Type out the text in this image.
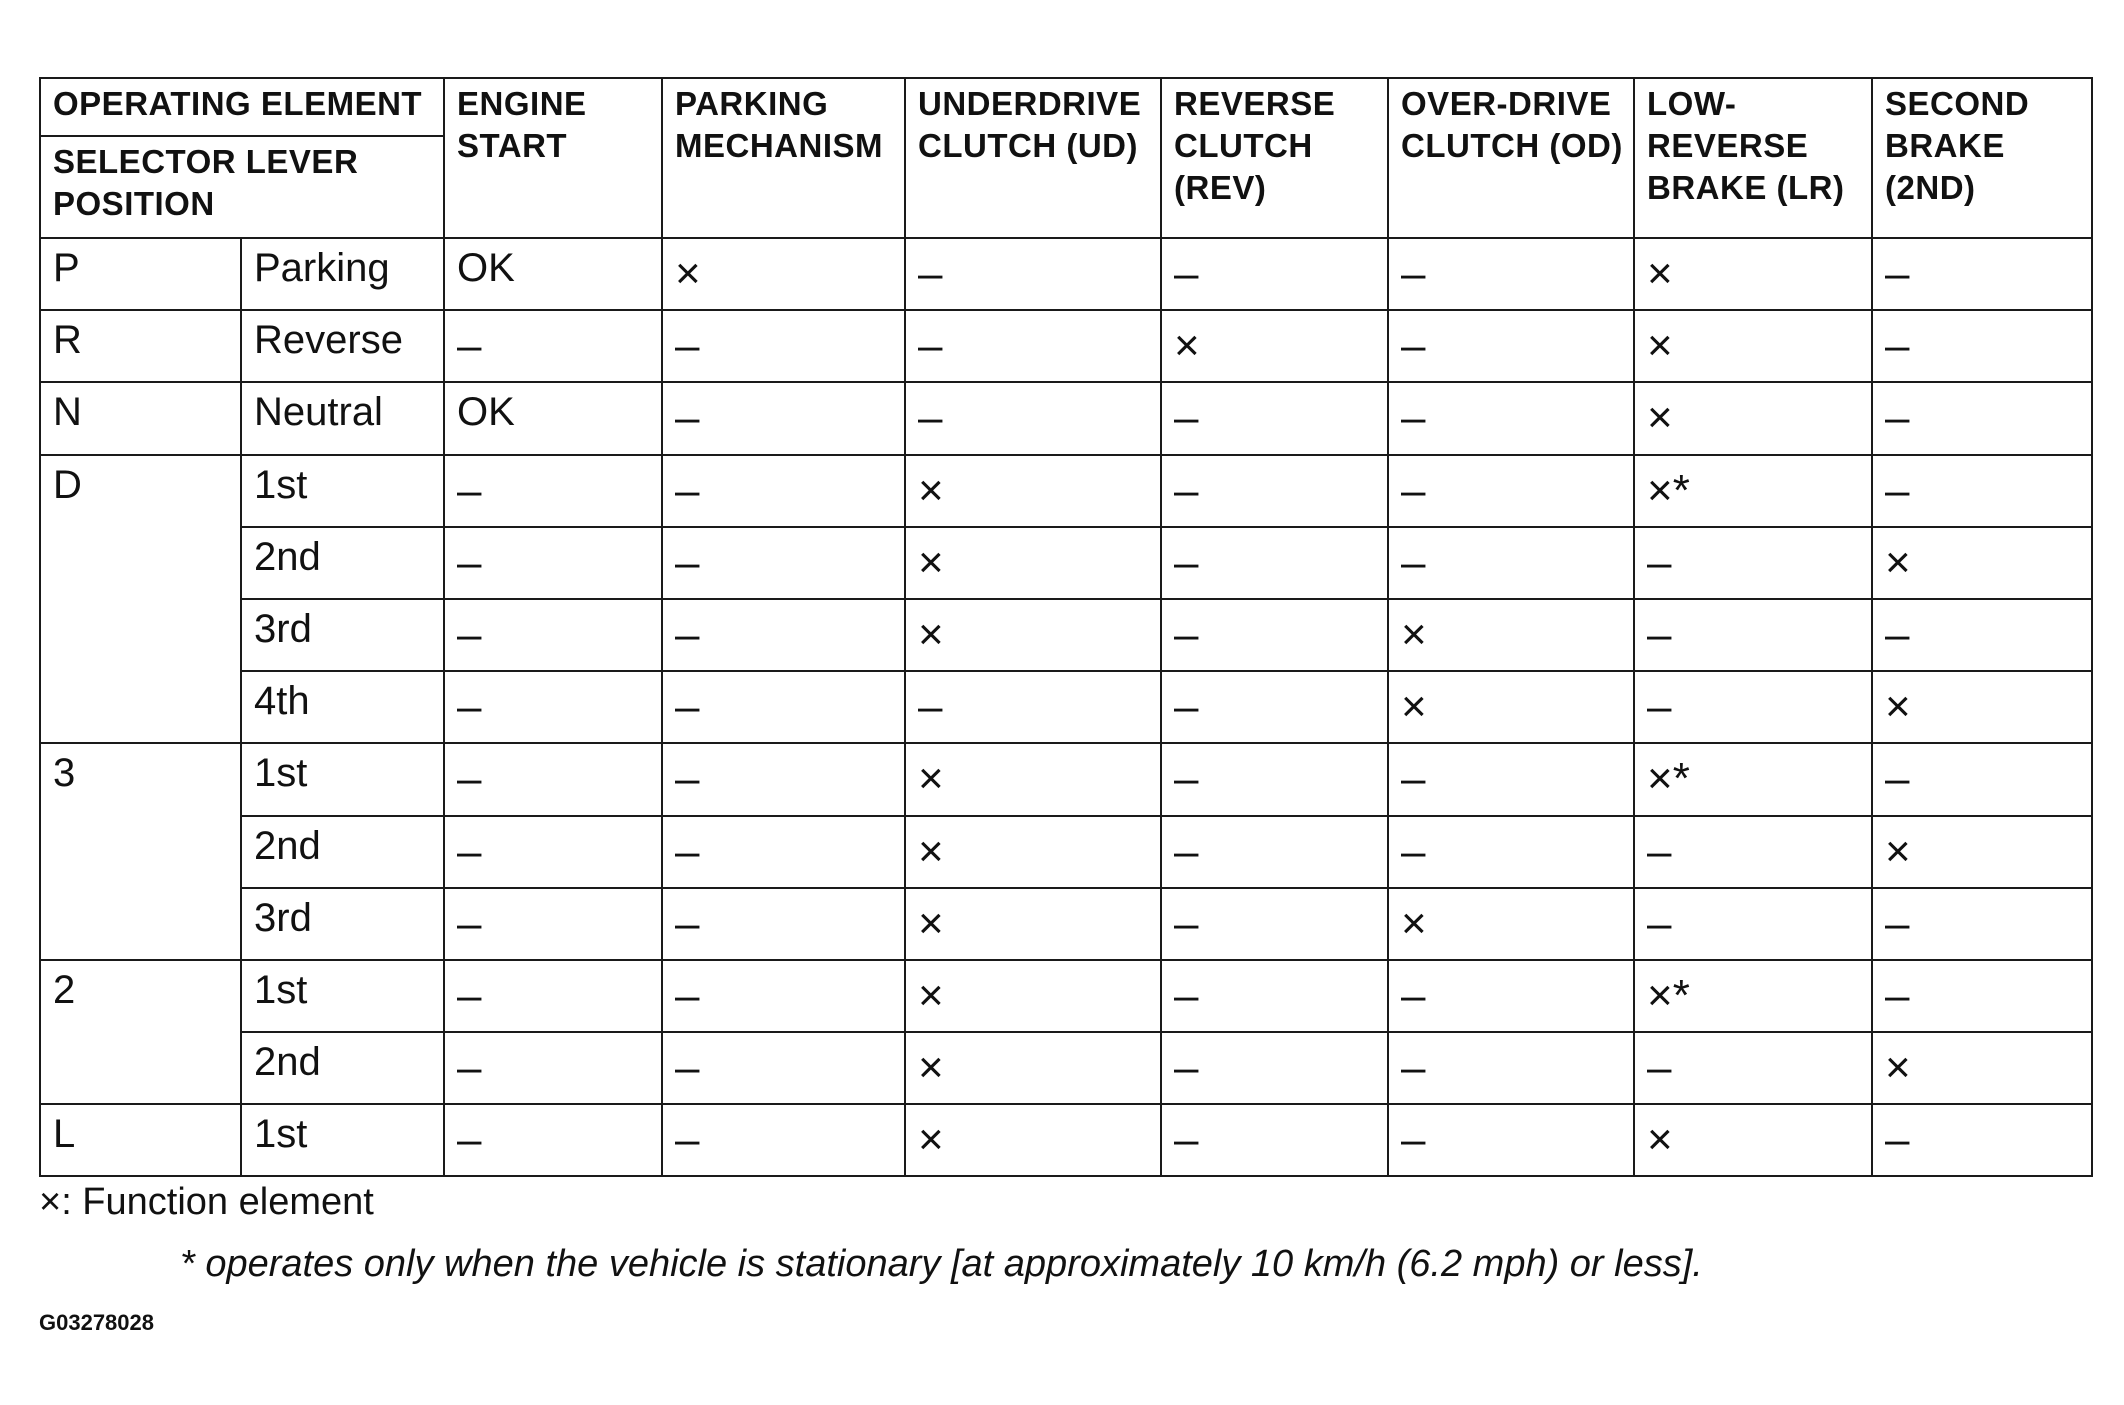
OPERATING ELEMENT		ENGINE START	PARKING MECHANISM	UNDERDRIVE CLUTCH (UD)	REVERSE CLUTCH (REV)	OVER-DRIVE CLUTCH (OD)	LOW-REVERSE BRAKE (LR)	SECOND BRAKE (2ND)
SELECTOR LEVER POSITION								
P	Parking	OK	×	–	–	–	×	–
R	Reverse	–	–	–	×	–	×	–
N	Neutral	OK	–	–	–	–	×	–
D	1st	–	–	×	–	–	×*	–
	2nd	–	–	×	–	–	–	×
	3rd	–	–	×	–	×	–	–
	4th	–	–	–	–	×	–	×
3	1st	–	–	×	–	–	×*	–
	2nd	–	–	×	–	–	–	×
	3rd	–	–	×	–	×	–	–
2	1st	–	–	×	–	–	×*	–
	2nd	–	–	×	–	–	–	×
L	1st	–	–	×	–	–	×	–

×: Function element

* operates only when the vehicle is stationary [at approximately 10 km/h (6.2 mph) or less].

G03278028
